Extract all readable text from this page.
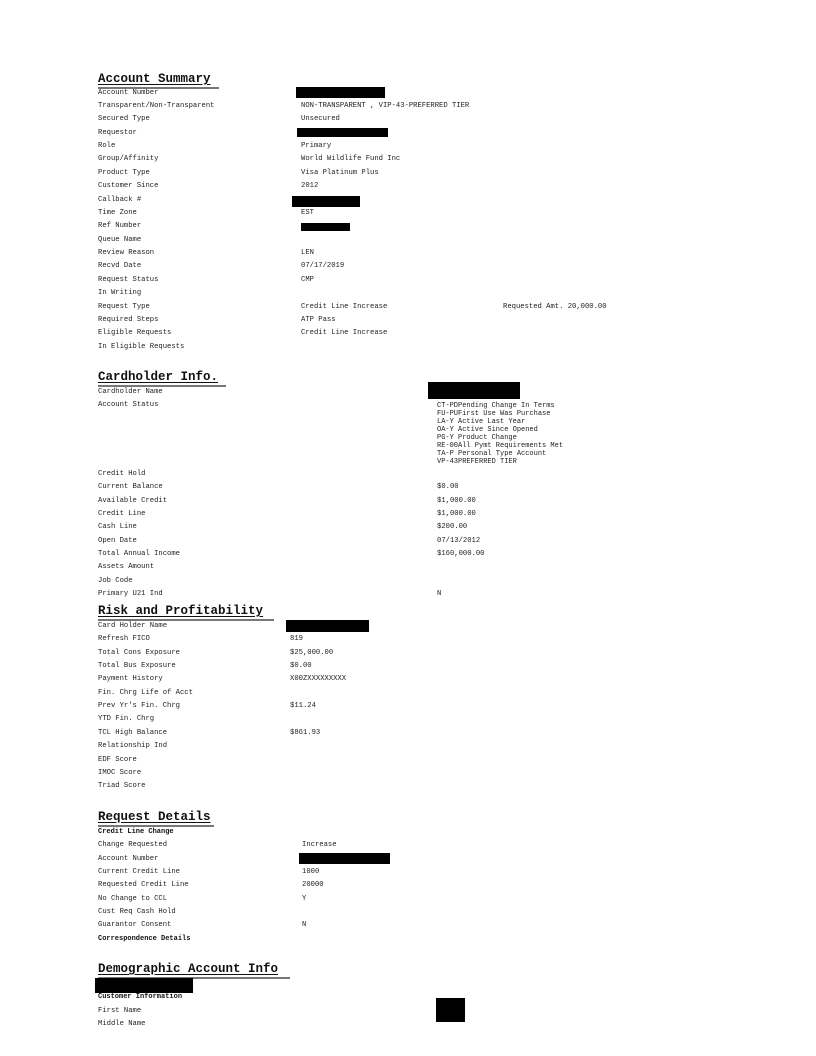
Account Summary
Account Number
Transparent/Non-Transparent	NON-TRANSPARENT , VIP-43-PREFERRED TIER
Secured Type	Unsecured
Requestor
Role	Primary
Group/Affinity	World Wildlife Fund Inc
Product Type	Visa Platinum Plus
Customer Since	2012
Callback #
Time Zone	EST
Ref Number
Queue Name
Review Reason	LEN
Recvd Date	07/17/2019
Request Status	CMP
In Writing
Request Type	Credit Line Increase	Requested Amt. 20,000.00
Required Steps	ATP Pass
Eligible Requests	Credit Line Increase
In Eligible Requests
Cardholder Info.
Cardholder Name
Account Status	CT-PDPending Change In Terms
FU-PUFirst Use Was Purchase
LA-Y Active Last Year
OA-Y Active Since Opened
PG-Y Product Change
RE-00All Pymt Requirements Met
TA-P Personal Type Account
VP-43PREFERRED TIER
Credit Hold
Current Balance	$0.00
Available Credit	$1,000.00
Credit Line	$1,000.00
Cash Line	$200.00
Open Date	07/13/2012
Total Annual Income	$160,000.00
Assets Amount
Job Code
Primary U21 Ind	N
Risk and Profitability
Card Holder Name
Refresh FICO	819
Total Cons Exposure	$25,000.00
Total Bus Exposure	$0.00
Payment History	X00ZXXXXXXXXX
Fin. Chrg Life of Acct
Prev Yr's Fin. Chrg	$11.24
YTD Fin. Chrg
TCL High Balance	$861.93
Relationship Ind
EDF Score
IMOC Score
Triad Score
Request Details
Credit Line Change
Change Requested	Increase
Account Number
Current Credit Line	1000
Requested Credit Line	20000
No Change to CCL	Y
Cust Req Cash Hold
Guarantor Consent	N
Correspondence Details
Demographic Account Info
Customer Information
First Name
Middle Name
